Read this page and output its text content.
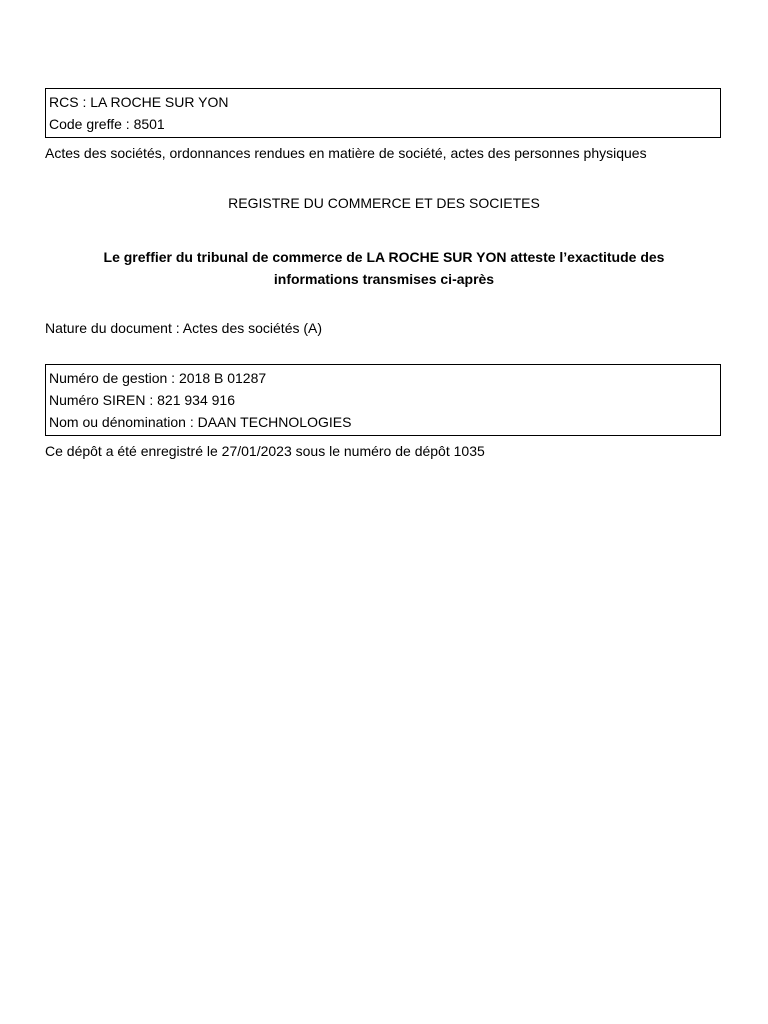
RCS : LA ROCHE SUR YON
Code greffe : 8501
Actes des sociétés, ordonnances rendues en matière de société, actes des personnes physiques
REGISTRE DU COMMERCE ET DES SOCIETES
Le greffier du tribunal de commerce de LA ROCHE SUR YON atteste l’exactitude des
informations transmises ci-après
Nature du document : Actes des sociétés (A)
Numéro de gestion : 2018 B 01287
Numéro SIREN : 821 934 916
Nom ou dénomination : DAAN TECHNOLOGIES
Ce dépôt a été enregistré le 27/01/2023 sous le numéro de dépôt 1035
